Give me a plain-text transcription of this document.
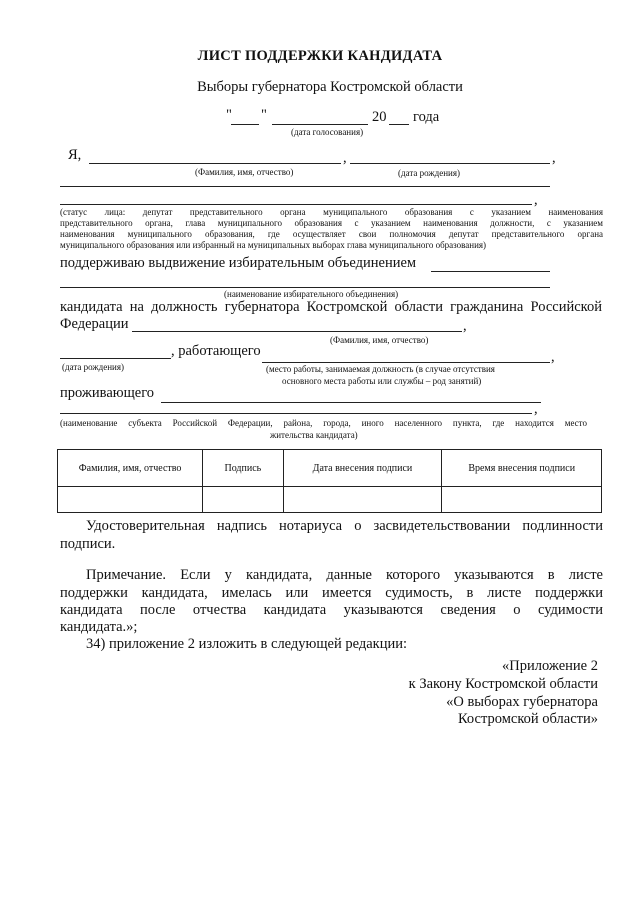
ЛИСТ ПОДДЕРЖКИ КАНДИДАТА
Выборы губернатора Костромской области
" "	20 года
(дата голосования)
Я,	,	,
(Фамилия, имя, отчество)	(дата рождения)
,
(статус лица: депутат представительного органа муниципального образования с указанием наименования
представительного органа, глава муниципального образования с указанием наименования должности, с указанием
наименования муниципального образования, где осуществляет свои полномочия депутат представительного органа
муниципального образования или избранный на муниципальных выборах глава муниципального образования)
поддерживаю выдвижение избирательным объединением
(наименование избирательного объединения)
кандидата на должность губернатора Костромской области гражданина Российской
Федерации	,
(Фамилия, имя, отчество)
, работающего	,
(дата рождения)	(место работы, занимаемая должность (в случае отсутствия
основного места работы или службы – род занятий)
проживающего
,
(наименование субъекта Российской Федерации, района, города, иного населенного пункта, где находится место
жительства кандидата)
Фамилия, имя, отчество	Подпись	Дата внесения подписи	Время внесения подписи

Удостоверительная надпись нотариуса о засвидетельствовании подлинности
подписи.
Примечание. Если у кандидата, данные которого указываются в листе
поддержки кандидата, имелась или имеется судимость, в листе поддержки
кандидата после отчества кандидата указываются сведения о судимости
кандидата.»;
34) приложение 2 изложить в следующей редакции:
«Приложение 2
к Закону Костромской области
«О выборах губернатора
Костромской области»
